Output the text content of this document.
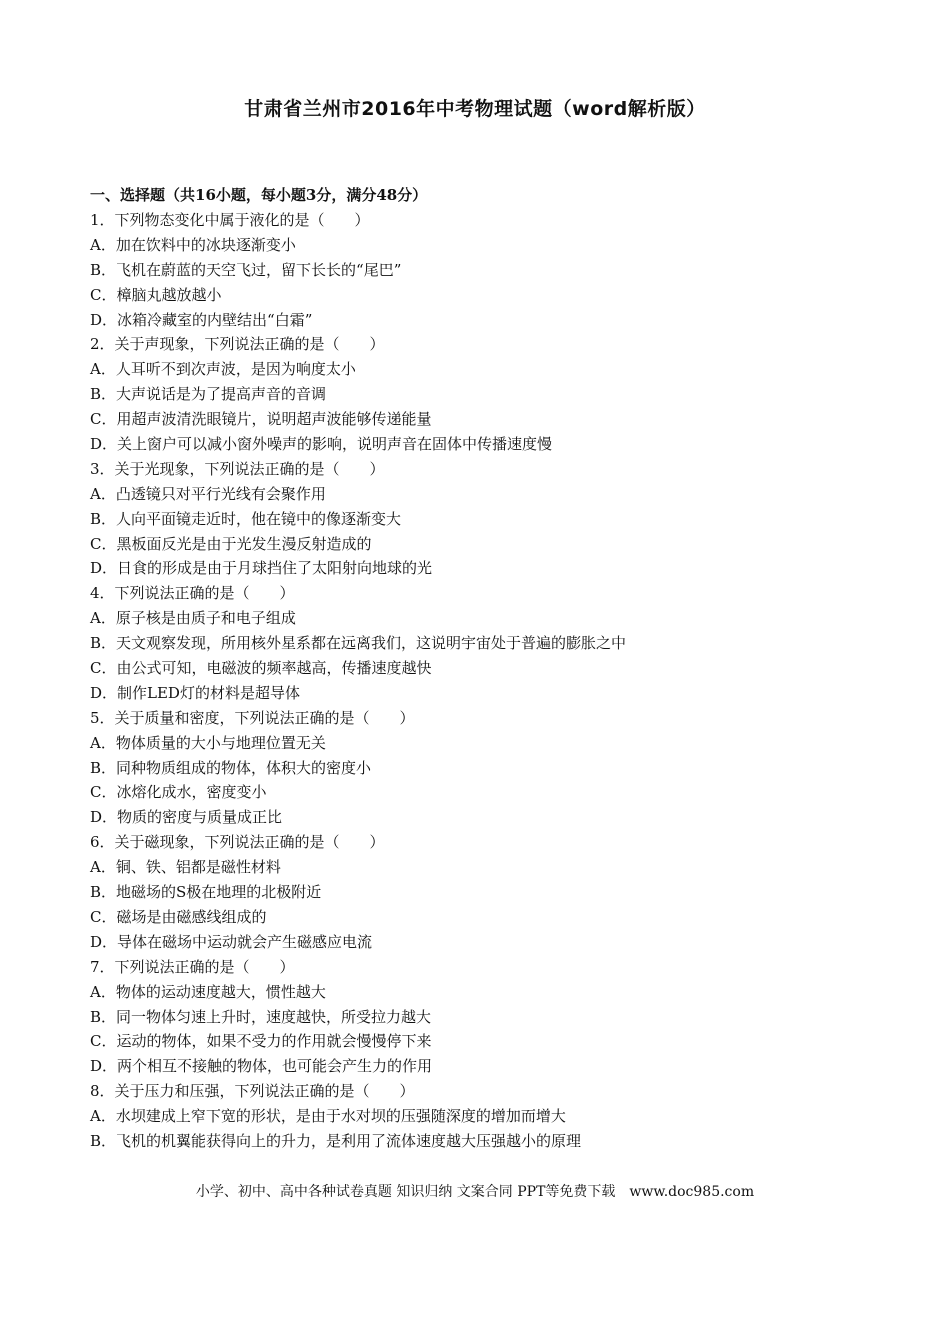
甘肃省兰州市2016年中考物理试题（word解析版）
一、选择题（共16小题，每小题3分，满分48分）
1．下列物态变化中属于液化的是（　　）
A．加在饮料中的冰块逐渐变小
B．飞机在蔚蓝的天空飞过，留下长长的“尾巴”
C．樟脑丸越放越小
D．冰箱冷藏室的内壁结出“白霜”
2．关于声现象，下列说法正确的是（　　）
A．人耳听不到次声波，是因为响度太小
B．大声说话是为了提高声音的音调
C．用超声波清洗眼镜片，说明超声波能够传递能量
D．关上窗户可以减小窗外噪声的影响，说明声音在固体中传播速度慢
3．关于光现象，下列说法正确的是（　　）
A．凸透镜只对平行光线有会聚作用
B．人向平面镜走近时，他在镜中的像逐渐变大
C．黑板面反光是由于光发生漫反射造成的
D．日食的形成是由于月球挡住了太阳射向地球的光
4．下列说法正确的是（　　）
A．原子核是由质子和电子组成
B．天文观察发现，所用核外星系都在远离我们，这说明宇宙处于普遍的膨胀之中
C．由公式可知，电磁波的频率越高，传播速度越快
D．制作LED灯的材料是超导体
5．关于质量和密度，下列说法正确的是（　　）
A．物体质量的大小与地理位置无关
B．同种物质组成的物体，体积大的密度小
C．冰熔化成水，密度变小
D．物质的密度与质量成正比
6．关于磁现象，下列说法正确的是（　　）
A．铜、铁、铝都是磁性材料
B．地磁场的S极在地理的北极附近
C．磁场是由磁感线组成的
D．导体在磁场中运动就会产生磁感应电流
7．下列说法正确的是（　　）
A．物体的运动速度越大，惯性越大
B．同一物体匀速上升时，速度越快，所受拉力越大
C．运动的物体，如果不受力的作用就会慢慢停下来
D．两个相互不接触的物体，也可能会产生力的作用
8．关于压力和压强，下列说法正确的是（　　）
A．水坝建成上窄下宽的形状，是由于水对坝的压强随深度的增加而增大
B．飞机的机翼能获得向上的升力，是利用了流体速度越大压强越小的原理
小学、初中、高中各种试卷真题 知识归纳 文案合同 PPT等免费下载　www.doc985.com
